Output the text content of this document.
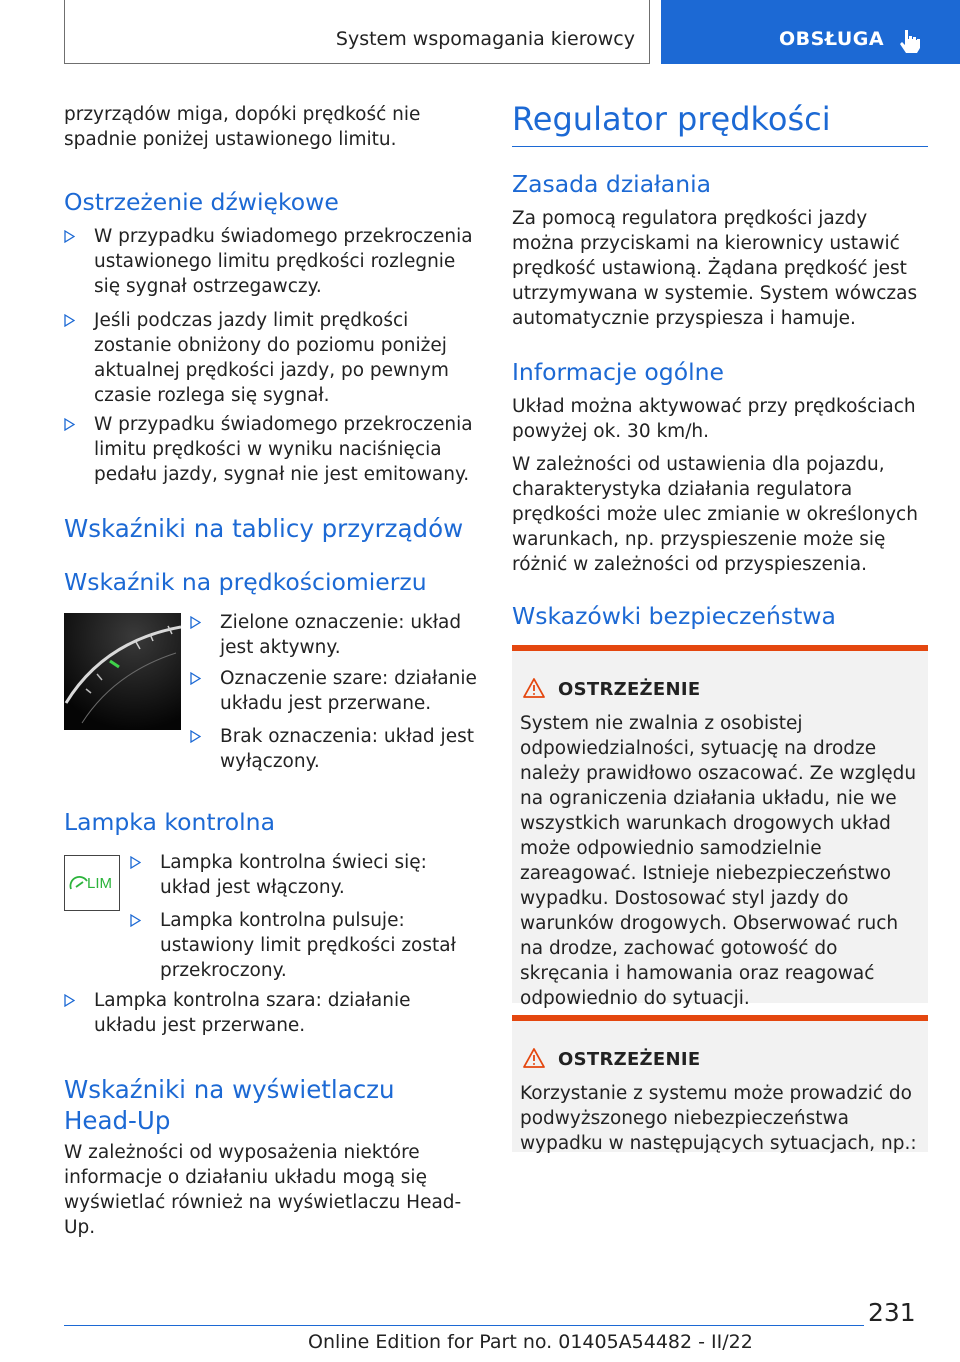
System wspomagania kierowcy	OBSŁUGA

przyrządów miga, dopóki prędkość nie spadnie poniżej ustawionego limitu.

Ostrzeżenie dźwiękowe
W przypadku świadomego przekroczenia ustawionego limitu prędkości rozlegnie się sygnał ostrzegawczy.
Jeśli podczas jazdy limit prędkości zostanie obniżony do poziomu poniżej aktualnej prędkości jazdy, po pewnym czasie rozlega się sygnał.
W przypadku świadomego przekroczenia limitu prędkości w wyniku naciśnięcia pedału jazdy, sygnał nie jest emitowany.
Wskaźniki na tablicy przyrządów
Wskaźnik na prędkościomierzu
Zielone oznaczenie: układ jest aktywny.
Oznaczenie szare: działanie układu jest przerwane.
Brak oznaczenia: układ jest wyłączony.
Lampka kontrolna
LIM
Lampka kontrolna świeci się: układ jest włączony.
Lampka kontrolna pulsuje: ustawiony limit prędkości został przekroczony.
Lampka kontrolna szara: działanie układu jest przerwane.
Wskaźniki na wyświetlaczu Head-Up

W zależności od wyposażenia niektóre informacje o działaniu układu mogą się wyświetlać również na wyświetlaczu Head-Up.

Regulator prędkości
Zasada działania

Za pomocą regulatora prędkości jazdy można przyciskami na kierownicy ustawić prędkość ustawioną. Żądana prędkość jest utrzymywana w systemie. System wówczas automatycznie przyspiesza i hamuje.

Informacje ogólne

Układ można aktywować przy prędkościach powyżej ok. 30 km/h.

W zależności od ustawienia dla pojazdu, charakterystyka działania regulatora prędkości może ulec zmianie w określonych warunkach, np. przyspieszenie może się różnić w zależności od przyspieszenia.

Wskazówki bezpieczeństwa
OSTRZEŻENIE

System nie zwalnia z osobistej odpowiedzialności, sytuację na drodze należy prawidłowo oszacować. Ze względu na ograniczenia działania układu, nie we wszystkich warunkach drogowych układ może odpowiednio samodzielnie zareagować. Istnieje niebezpieczeństwo wypadku. Dostosować styl jazdy do warunków drogowych. Obserwować ruch na drodze, zachować gotowość do skręcania i hamowania oraz reagować odpowiednio do sytuacji.

OSTRZEŻENIE

Korzystanie z systemu może prowadzić do podwyższonego niebezpieczeństwa wypadku w następujących sytuacjach, np.:

231
Online Edition for Part no. 01405A54482 - II/22
